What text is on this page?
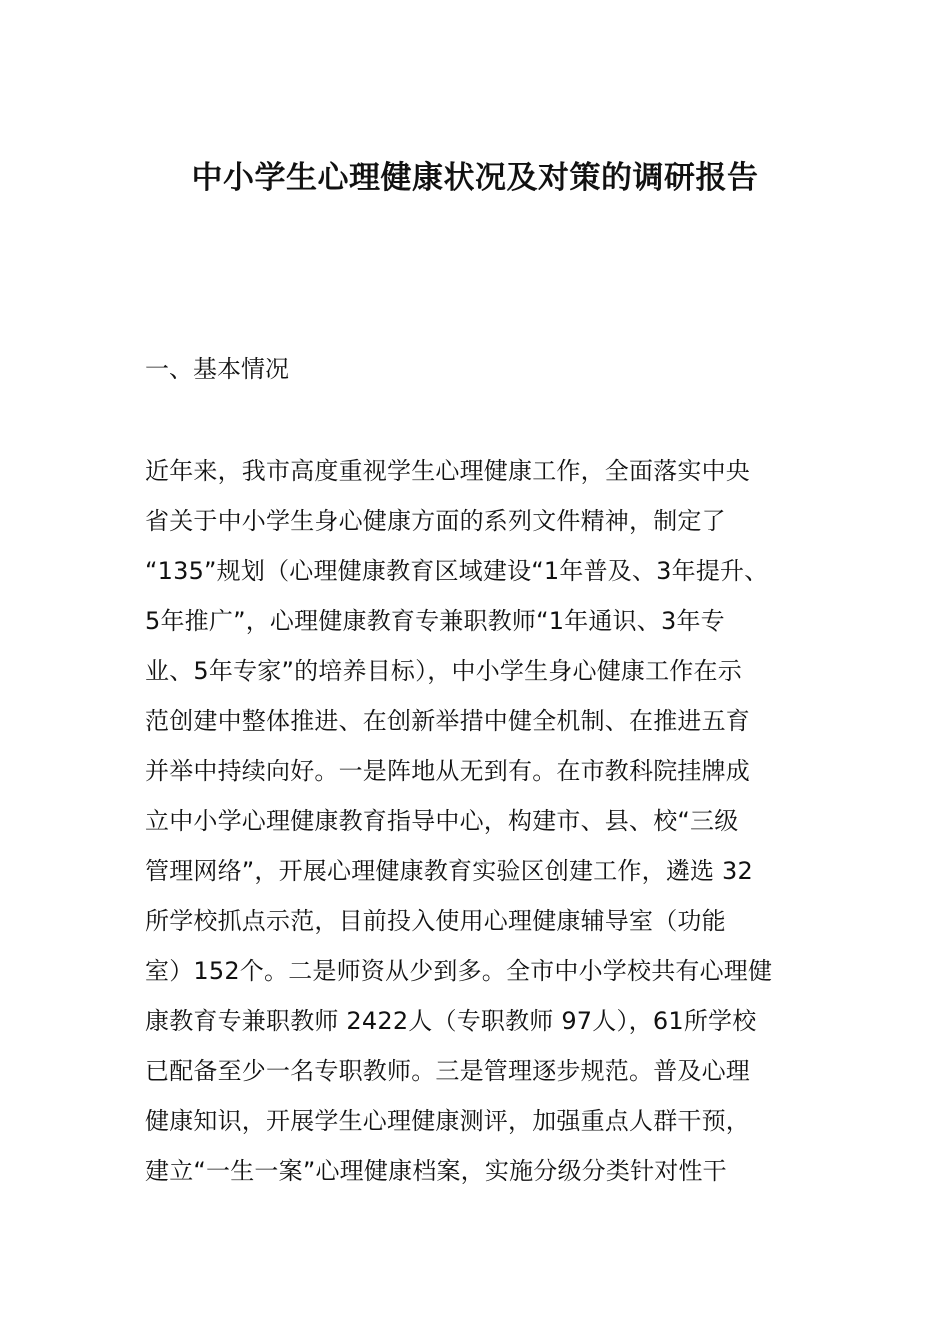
中小学生心理健康状况及对策的调研报告
一、基本情况
近年来，我市高度重视学生心理健康工作，全面落实中央
省关于中小学生身心健康方面的系列文件精神，制定了
“135”规划（心理健康教育区域建设“1年普及、3年提升、
5年推广”，心理健康教育专兼职教师“1年通识、3年专
业、5年专家”的培养目标），中小学生身心健康工作在示
范创建中整体推进、在创新举措中健全机制、在推进五育
并举中持续向好。一是阵地从无到有。在市教科院挂牌成
立中小学心理健康教育指导中心，构建市、县、校“三级
管理网络”，开展心理健康教育实验区创建工作，遴选 32
所学校抓点示范，目前投入使用心理健康辅导室（功能
室）152个。二是师资从少到多。全市中小学校共有心理健
康教育专兼职教师 2422人（专职教师 97人），61所学校
已配备至少一名专职教师。三是管理逐步规范。普及心理
健康知识，开展学生心理健康测评，加强重点人群干预，
建立“一生一案”心理健康档案，实施分级分类针对性干
